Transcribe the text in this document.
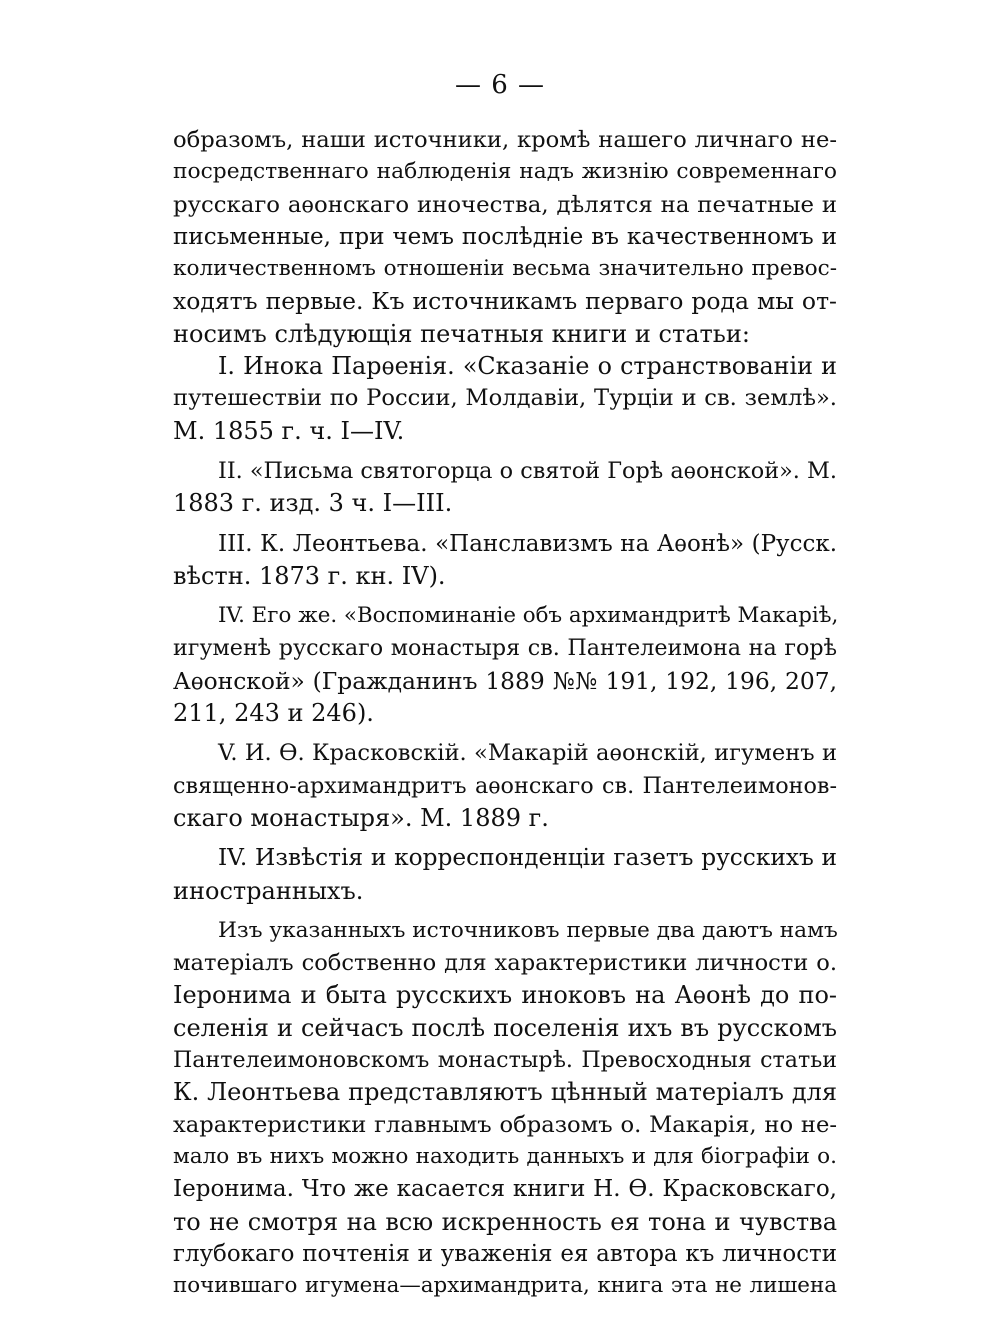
— 6 —
образомъ, наши источники, кромѣ нашего личнаго не-
посредственнаго наблюденія надъ жизнію современнаго
русскаго аѳонскаго иночества, дѣлятся на печатные и
письменные, при чемъ послѣдніе въ качественномъ и
количественномъ отношеніи весьма значительно превос-
ходятъ первые. Къ источникамъ перваго рода мы от-
носимъ слѣдующія печатныя книги и статьи:
I. Инока Парѳенія. «Сказаніе о странствованіи и
путешествіи по России, Молдавіи, Турціи и св. землѣ».
М. 1855 г. ч. I—IV.
II. «Письма святогорца о святой Горѣ аѳонской». М.
1883 г. изд. 3 ч. I—III.
III. К. Леонтьева. «Панславизмъ на Аѳонѣ» (Русск.
вѣстн. 1873 г. кн. IV).
IV. Его же. «Воспоминаніе объ архимандритѣ Макаріѣ,
игуменѣ русскаго монастыря св. Пантелеимона на горѣ
Аѳонской» (Гражданинъ 1889 №№ 191, 192, 196, 207,
211, 243 и 246).
V. И. Ѳ. Красковскій. «Макарій аѳонскій, игуменъ и
священно-архимандритъ аѳонскаго св. Пантелеимонов-
скаго монастыря». М. 1889 г.
IV. Извѣстія и корреспонденціи газетъ русскихъ и
иностранныхъ.
Изъ указанныхъ источниковъ первые два даютъ намъ
матеріалъ собственно для характеристики личности о.
Іеронима и быта русскихъ иноковъ на Аѳонѣ до по-
селенія и сейчасъ послѣ поселенія ихъ въ русскомъ
Пантелеимоновскомъ монастырѣ. Превосходныя статьи
К. Леонтьева представляютъ цѣнный матеріалъ для
характеристики главнымъ образомъ о. Макарія, но не-
мало въ нихъ можно находить данныхъ и для біографіи о.
Іеронима. Что же касается книги Н. Ѳ. Красковскаго,
то не смотря на всю искренность ея тона и чувства
глубокаго почтенія и уваженія ея автора къ личности
почившаго игумена—архимандрита, книга эта не лишена
